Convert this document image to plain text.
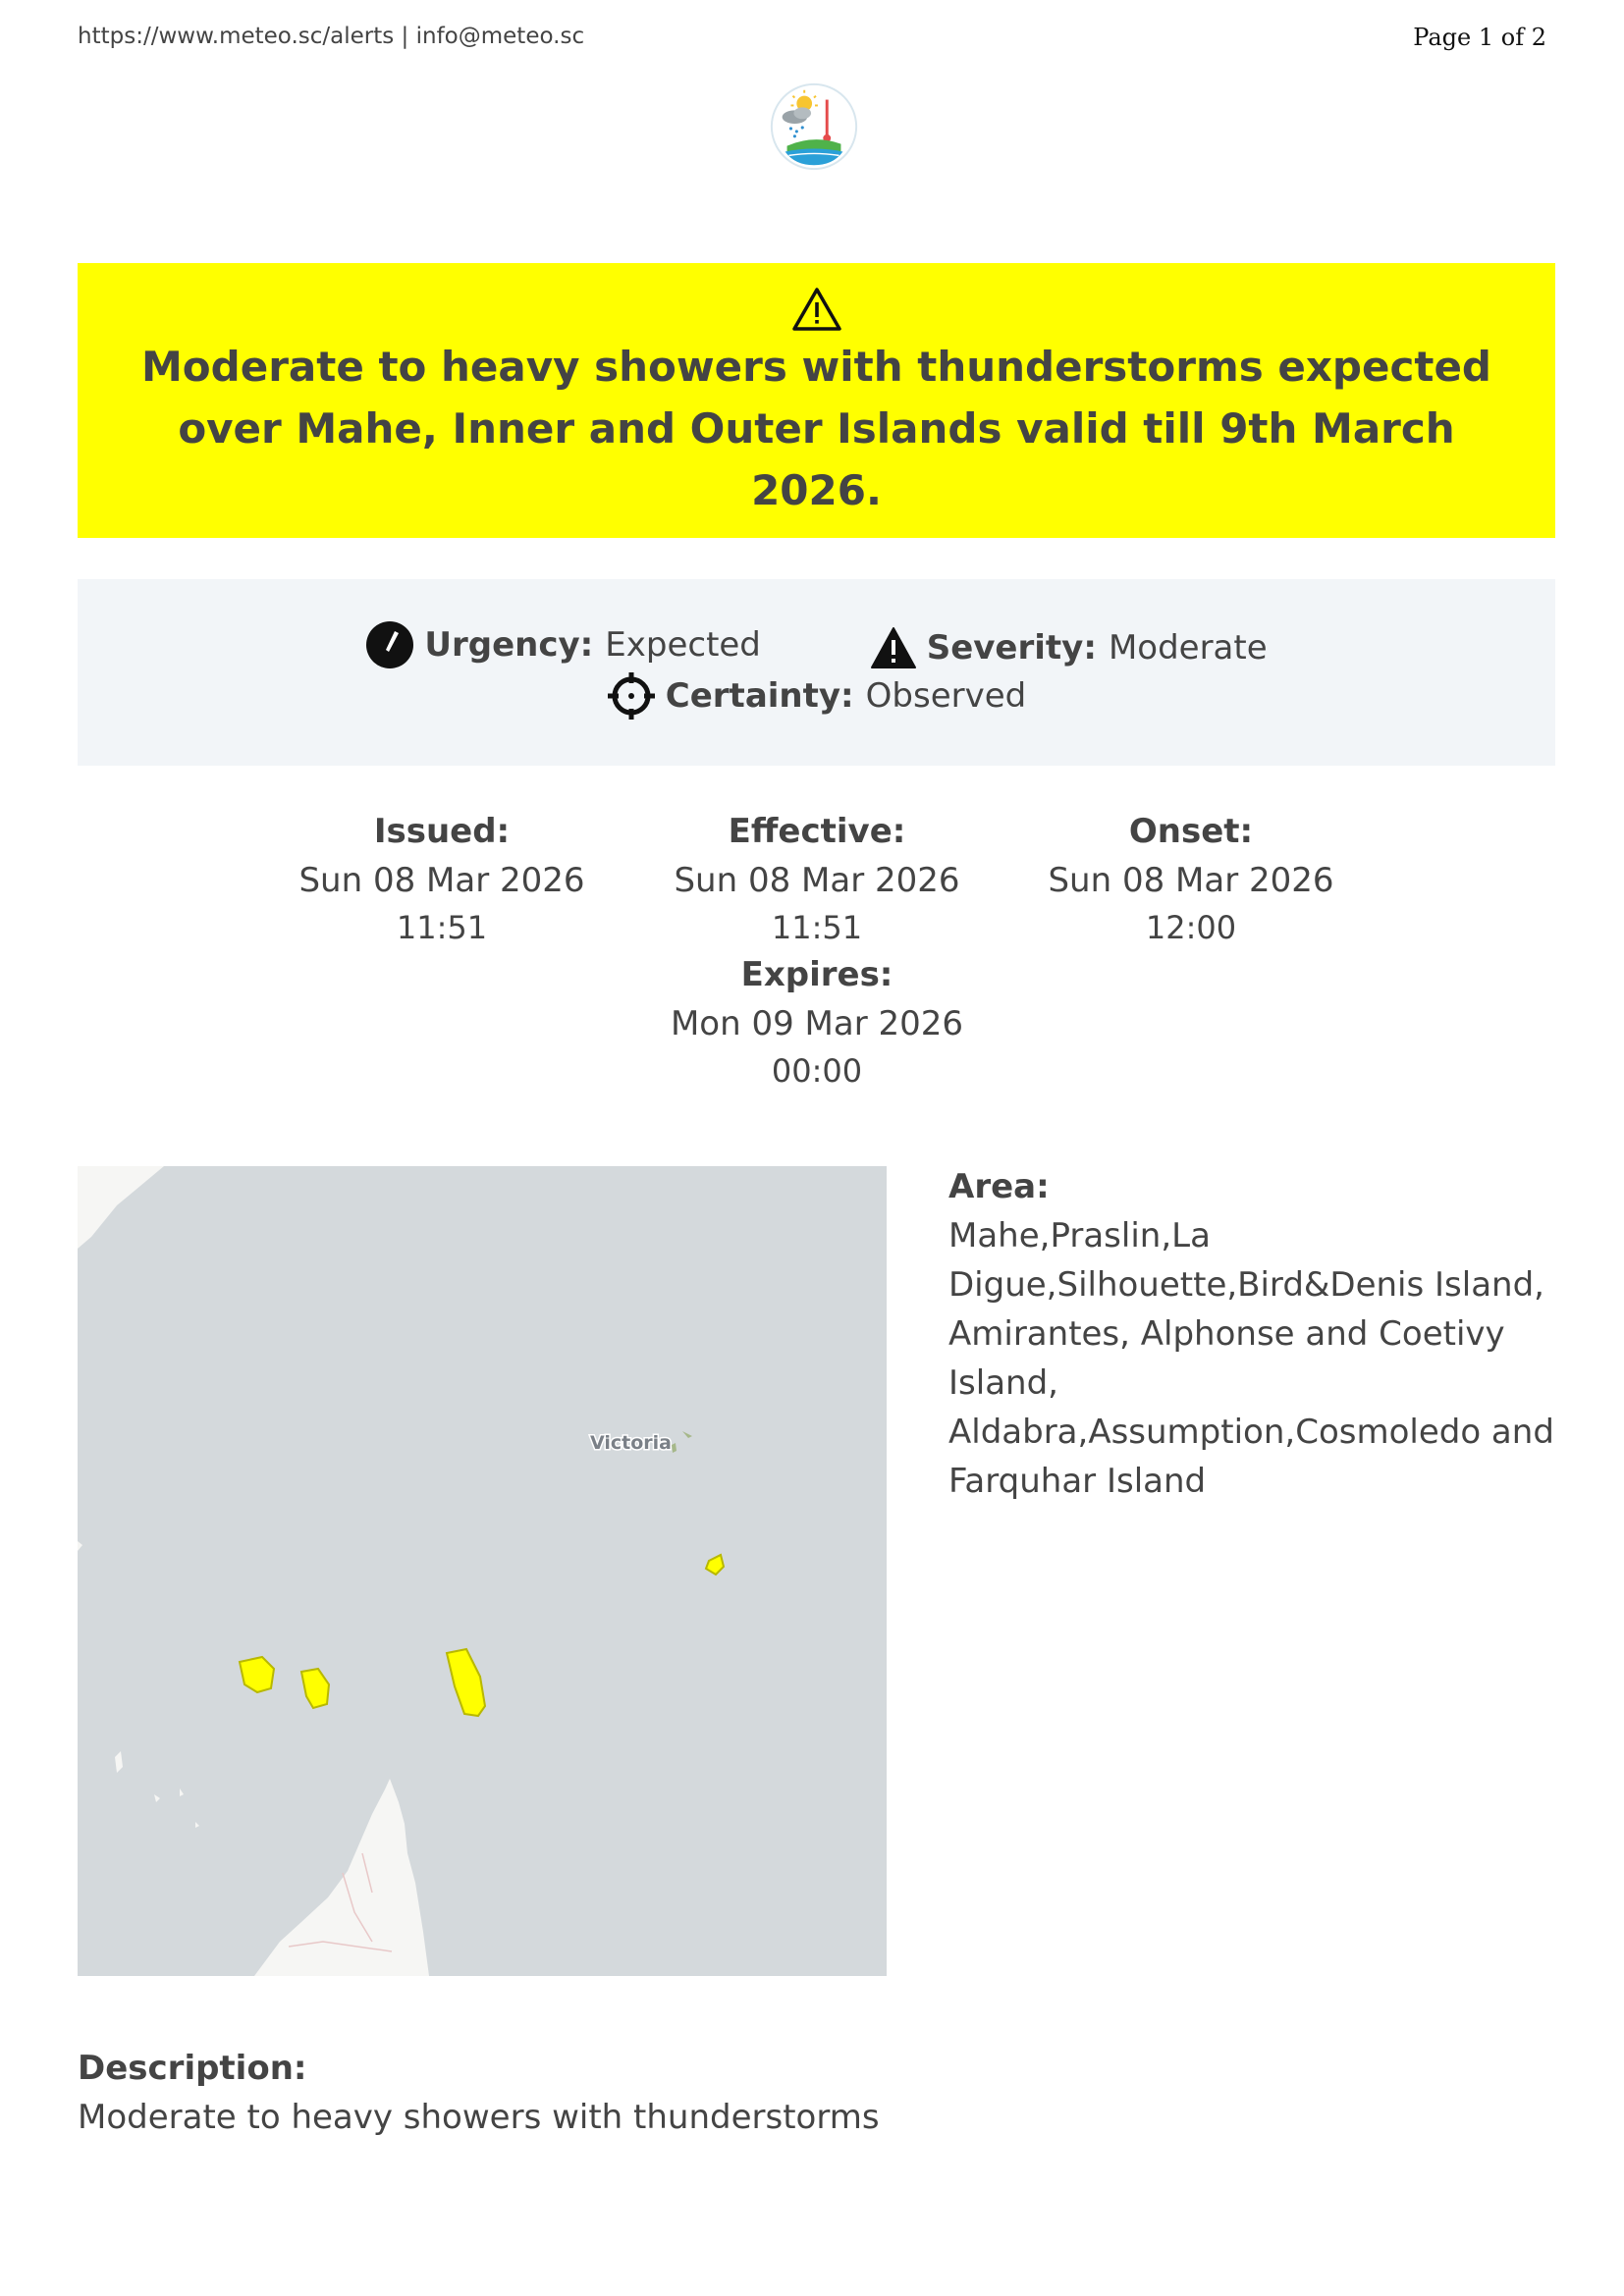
https://www.meteo.sc/alerts | info@meteo.sc	Page 1 of 2
Moderate to heavy showers with thunderstorms expected over Mahe, Inner and Outer Islands valid till 9th March 2026.
Urgency: Expected
	Severity: Moderate
Certainty: Observed
Issued:
Sun 08 Mar 2026
11:51
Effective:
Sun 08 Mar 2026
11:51
Onset:
Sun 08 Mar 2026
12:00
Expires:
Mon 09 Mar 2026
00:00
Victoria
Area:
Mahe,Praslin,La Digue,Silhouette,Bird&Denis Island, Amirantes, Alphonse and Coetivy Island, Aldabra,Assumption,Cosmoledo and Farquhar Island
Description:
Moderate to heavy showers with thunderstorms
